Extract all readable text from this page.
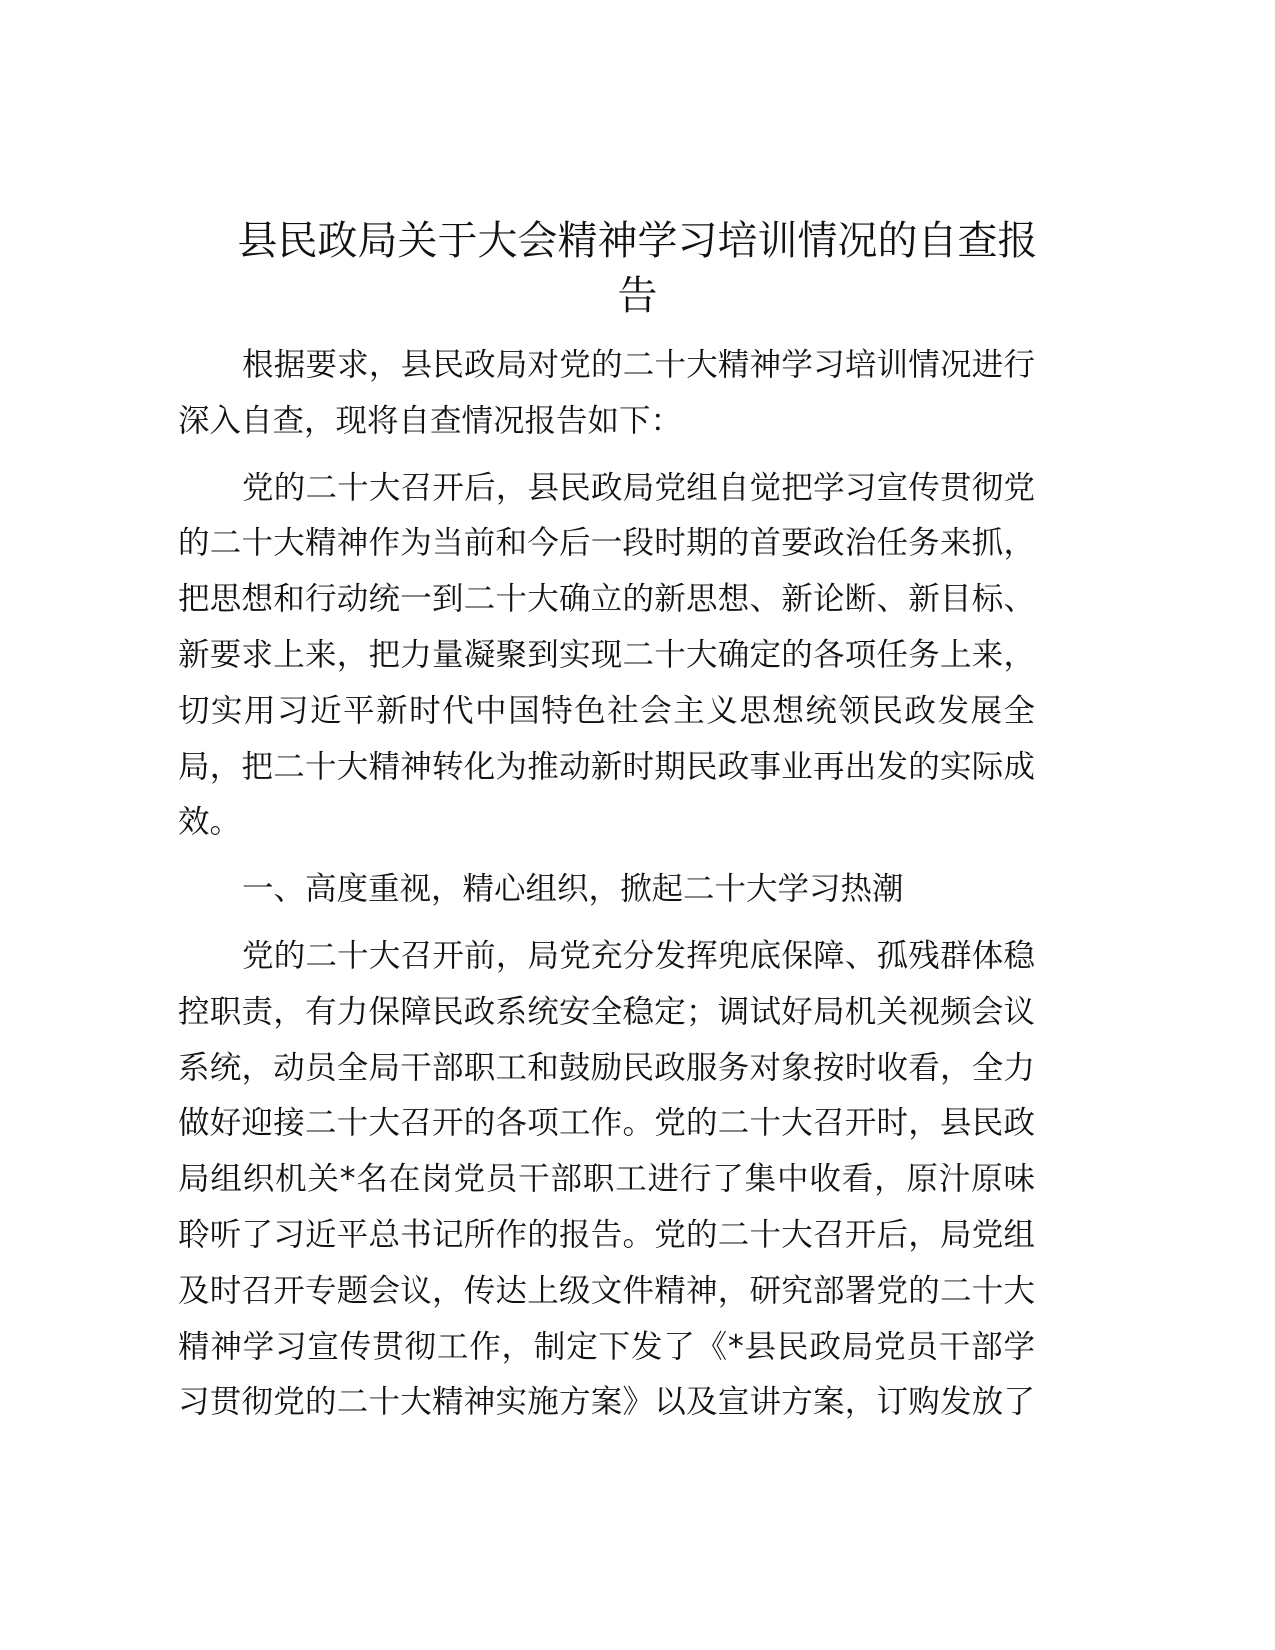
县民政局关于大会精神学习培训情况的自查报
告
根据要求，县民政局对党的二十大精神学习培训情况进行
深入自查，现将自查情况报告如下：
党的二十大召开后，县民政局党组自觉把学习宣传贯彻党
的二十大精神作为当前和今后一段时期的首要政治任务来抓，
把思想和行动统一到二十大确立的新思想、新论断、新目标、
新要求上来，把力量凝聚到实现二十大确定的各项任务上来，
切实用习近平新时代中国特色社会主义思想统领民政发展全
局，把二十大精神转化为推动新时期民政事业再出发的实际成
效。
一、高度重视，精心组织，掀起二十大学习热潮
党的二十大召开前，局党充分发挥兜底保障、孤残群体稳
控职责，有力保障民政系统安全稳定；调试好局机关视频会议
系统，动员全局干部职工和鼓励民政服务对象按时收看，全力
做好迎接二十大召开的各项工作。党的二十大召开时，县民政
局组织机关*名在岗党员干部职工进行了集中收看，原汁原味
聆听了习近平总书记所作的报告。党的二十大召开后，局党组
及时召开专题会议，传达上级文件精神，研究部署党的二十大
精神学习宣传贯彻工作，制定下发了《*县民政局党员干部学
习贯彻党的二十大精神实施方案》以及宣讲方案，订购发放了
